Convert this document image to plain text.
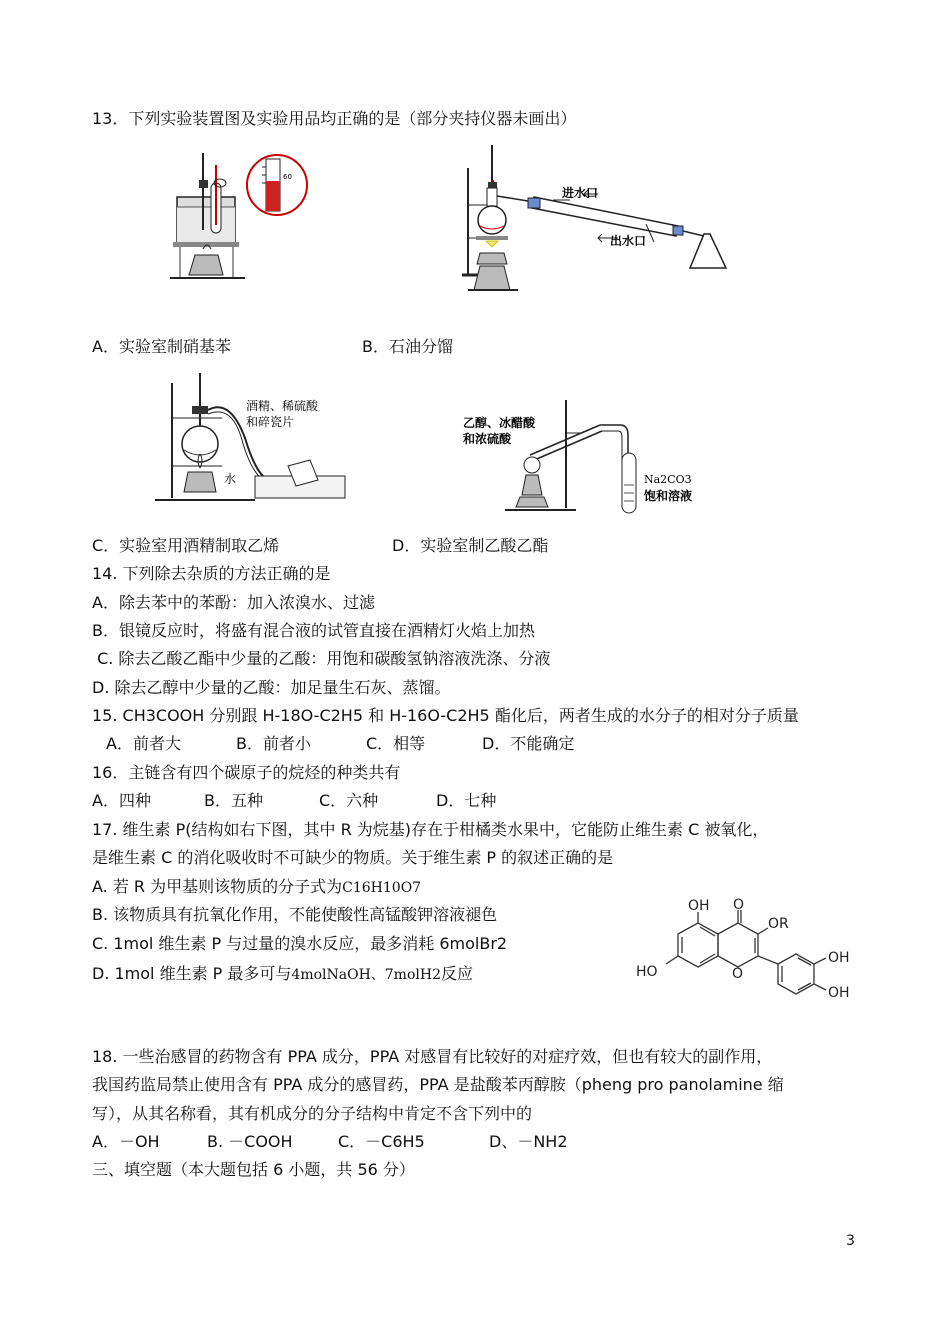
13．下列实验装置图及实验用品均正确的是（部分夹持仪器未画出）
60
进水口
出水口
A．实验室制硝基苯	B．石油分馏
酒精、稀硫酸
和碎瓷片
水
乙醇、冰醋酸
和浓硫酸
Na2CO3
饱和溶液
C．实验室用酒精制取乙烯	D．实验室制乙酸乙酯
14. 下列除去杂质的方法正确的是
A．除去苯中的苯酚：加入浓溴水、过滤
B．银镜反应时，将盛有混合液的试管直接在酒精灯火焰上加热
C. 除去乙酸乙酯中少量的乙酸：用饱和碳酸氢钠溶液洗涤、分液
D. 除去乙醇中少量的乙酸：加足量生石灰、蒸馏。
15. CH3COOH 分别跟 H-18O-C2H5 和 H-16O-C2H5 酯化后，两者生成的水分子的相对分子质量
A．前者大	B．前者小	C．相等	D．不能确定
16．主链含有四个碳原子的烷烃的种类共有
A．四种	B．五种	C．六种	D．七种
17. 维生素 P(结构如右下图，其中 R 为烷基)存在于柑橘类水果中，它能防止维生素 C 被氧化，
是维生素 C 的消化吸收时不可缺少的物质。关于维生素 P 的叙述正确的是
A. 若 R 为甲基则该物质的分子式为C16H10O7
B. 该物质具有抗氧化作用，不能使酸性高锰酸钾溶液褪色
C. 1mol 维生素 P 与过量的溴水反应，最多消耗 6molBr2
D. 1mol 维生素 P 最多可与4molNaOH、7molH2反应
OH O
OR
HO	O
OH
OH
18. 一些治感冒的药物含有 PPA 成分，PPA 对感冒有比较好的对症疗效，但也有较大的副作用，
我国药监局禁止使用含有 PPA 成分的感冒药，PPA 是盐酸苯丙醇胺（pheng pro panolamine 缩
写），从其名称看，其有机成分的分子结构中肯定不含下列中的
A．－OH	B. －COOH	C．－C6H5	D、－NH2
三、填空题（本大题包括 6 小题，共 56 分）
3
